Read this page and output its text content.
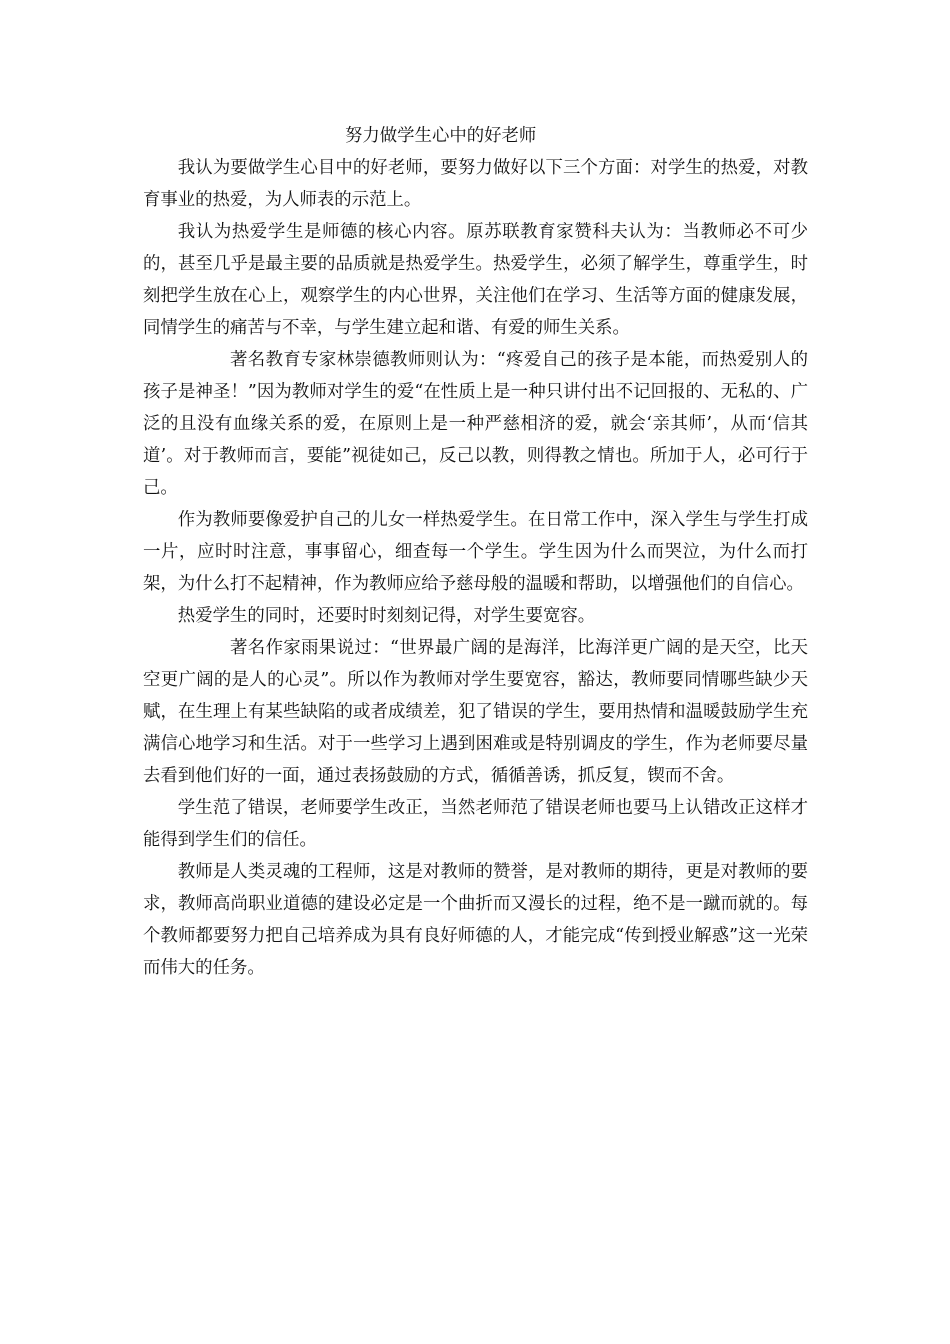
努力做学生心中的好老师

我认为要做学生心目中的好老师，要努力做好以下三个方面：对学生的热爱，对教育事业的热爱，为人师表的示范上。

我认为热爱学生是师德的核心内容。原苏联教育家赞科夫认为：当教师必不可少的，甚至几乎是最主要的品质就是热爱学生。热爱学生，必须了解学生，尊重学生，时刻把学生放在心上，观察学生的内心世界，关注他们在学习、生活等方面的健康发展，同情学生的痛苦与不幸，与学生建立起和谐、有爱的师生关系。

著名教育专家林崇德教师则认为：“疼爱自己的孩子是本能，而热爱别人的孩子是神圣！”因为教师对学生的爱“在性质上是一种只讲付出不记回报的、无私的、广泛的且没有血缘关系的爱，在原则上是一种严慈相济的爱，就会‘亲其师’，从而‘信其道’。对于教师而言，要能”视徒如己，反己以教，则得教之情也。所加于人，必可行于己。

作为教师要像爱护自己的儿女一样热爱学生。在日常工作中，深入学生与学生打成一片，应时时注意，事事留心，细查每一个学生。学生因为什么而哭泣，为什么而打架，为什么打不起精神，作为教师应给予慈母般的温暖和帮助，以增强他们的自信心。

热爱学生的同时，还要时时刻刻记得，对学生要宽容。

著名作家雨果说过：“世界最广阔的是海洋，比海洋更广阔的是天空，比天空更广阔的是人的心灵”。所以作为教师对学生要宽容，豁达，教师要同情哪些缺少天赋，在生理上有某些缺陷的或者成绩差，犯了错误的学生，要用热情和温暖鼓励学生充满信心地学习和生活。对于一些学习上遇到困难或是特别调皮的学生，作为老师要尽量去看到他们好的一面，通过表扬鼓励的方式，循循善诱，抓反复，锲而不舍。

学生范了错误，老师要学生改正，当然老师范了错误老师也要马上认错改正这样才能得到学生们的信任。

教师是人类灵魂的工程师，这是对教师的赞誉，是对教师的期待，更是对教师的要求，教师高尚职业道德的建设必定是一个曲折而又漫长的过程，绝不是一蹴而就的。每个教师都要努力把自己培养成为具有良好师德的人，才能完成“传到授业解惑”这一光荣而伟大的任务。
